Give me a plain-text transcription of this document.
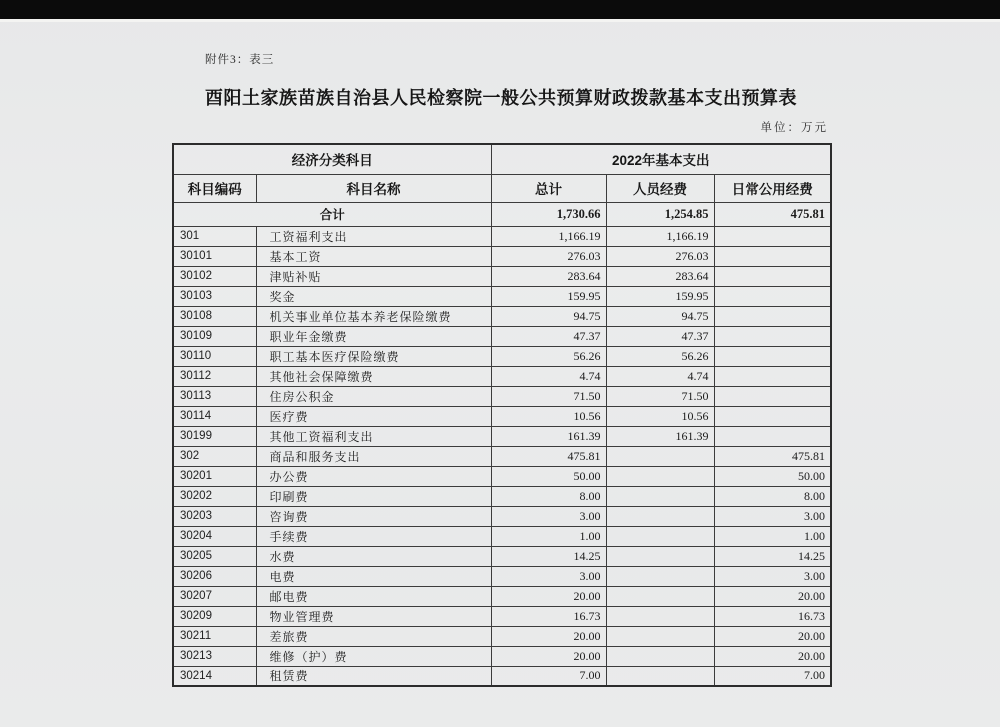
附件3：表三
酉阳土家族苗族自治县人民检察院一般公共预算财政拨款基本支出预算表
单位：万元
经济分类科目		2022年基本支出		
科目编码	科目名称	总计	人员经费	日常公用经费
合计		1,730.66	1,254.85	475.81
301	工资福利支出	1,166.19	1,166.19	
30101	基本工资	276.03	276.03	
30102	津贴补贴	283.64	283.64	
30103	奖金	159.95	159.95	
30108	机关事业单位基本养老保险缴费	94.75	94.75	
30109	职业年金缴费	47.37	47.37	
30110	职工基本医疗保险缴费	56.26	56.26	
30112	其他社会保障缴费	4.74	4.74	
30113	住房公积金	71.50	71.50	
30114	医疗费	10.56	10.56	
30199	其他工资福利支出	161.39	161.39	
302	商品和服务支出	475.81		475.81
30201	办公费	50.00		50.00
30202	印刷费	8.00		8.00
30203	咨询费	3.00		3.00
30204	手续费	1.00		1.00
30205	水费	14.25		14.25
30206	电费	3.00		3.00
30207	邮电费	20.00		20.00
30209	物业管理费	16.73		16.73
30211	差旅费	20.00		20.00
30213	维修（护）费	20.00		20.00
30214	租赁费	7.00		7.00
